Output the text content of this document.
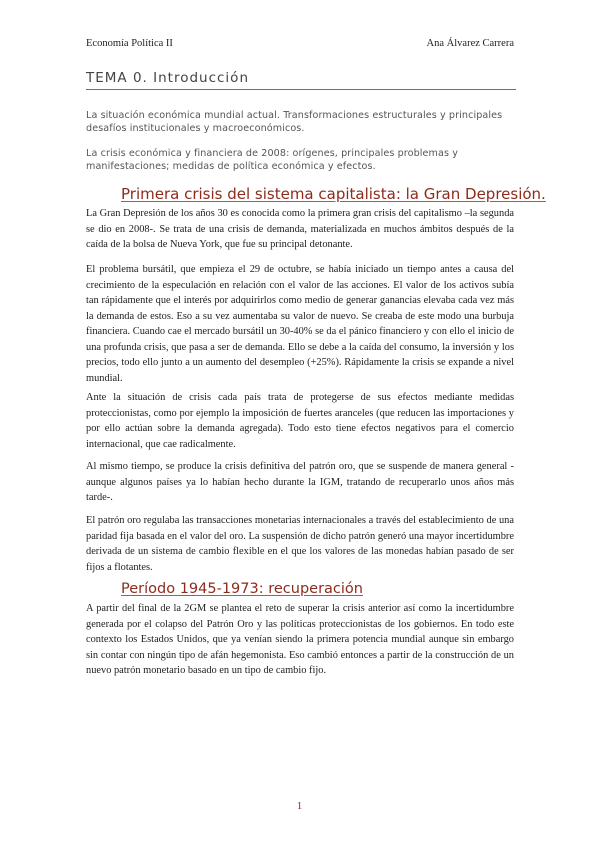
Economía Política II	Ana Álvarez Carrera
TEMA 0. Introducción
La situación económica mundial actual. Transformaciones estructurales y principales desafíos institucionales y macroeconómicos.
La crisis económica y financiera de 2008: orígenes, principales problemas y manifestaciones; medidas de política económica y efectos.
Primera crisis del sistema capitalista: la Gran Depresión.
La Gran Depresión de los años 30 es conocida como la primera gran crisis del capitalismo –la segunda se dio en 2008-. Se trata de una crisis de demanda, materializada en muchos ámbitos después de la caída de la bolsa de Nueva York, que fue su principal detonante.
El problema bursátil, que empieza el 29 de octubre, se había iniciado un tiempo antes a causa del crecimiento de la especulación en relación con el valor de las acciones. El valor de los activos subía tan rápidamente que el interés por adquirirlos como medio de generar ganancias elevaba cada vez más la demanda de estos. Eso a su vez aumentaba su valor de nuevo. Se creaba de este modo una burbuja financiera. Cuando cae el mercado bursátil un 30-40% se da el pánico financiero y con ello el inicio de una profunda crisis, que pasa a ser de demanda. Ello se debe a la caída del consumo, la inversión y los precios, todo ello junto a un aumento del desempleo (+25%). Rápidamente la crisis se expande a nivel mundial.
Ante la situación de crisis cada país trata de protegerse de sus efectos mediante medidas proteccionistas, como por ejemplo la imposición de fuertes aranceles (que reducen las importaciones y por ello actúan sobre la demanda agregada). Todo esto tiene efectos negativos para el comercio internacional, que cae radicalmente.
Al mismo tiempo, se produce la crisis definitiva del patrón oro, que se suspende de manera general -aunque algunos países ya lo habían hecho durante la IGM, tratando de recuperarlo unos años más tarde-.
El patrón oro regulaba las transacciones monetarias internacionales a través del establecimiento de una paridad fija basada en el valor del oro. La suspensión de dicho patrón generó una mayor incertidumbre derivada de un sistema de cambio flexible en el que los valores de las monedas habían pasado de ser fijos a flotantes.
Período 1945-1973: recuperación
A partir del final de la 2GM se plantea el reto de superar la crisis anterior así como la incertidumbre generada por el colapso del Patrón Oro y las políticas proteccionistas de los gobiernos. En todo este contexto los Estados Unidos, que ya venían siendo la primera potencia mundial aunque sin embargo sin contar con ningún tipo de afán hegemonista. Eso cambió entonces a partir de la construcción de un nuevo patrón monetario basado en un tipo de cambio fijo.
1
